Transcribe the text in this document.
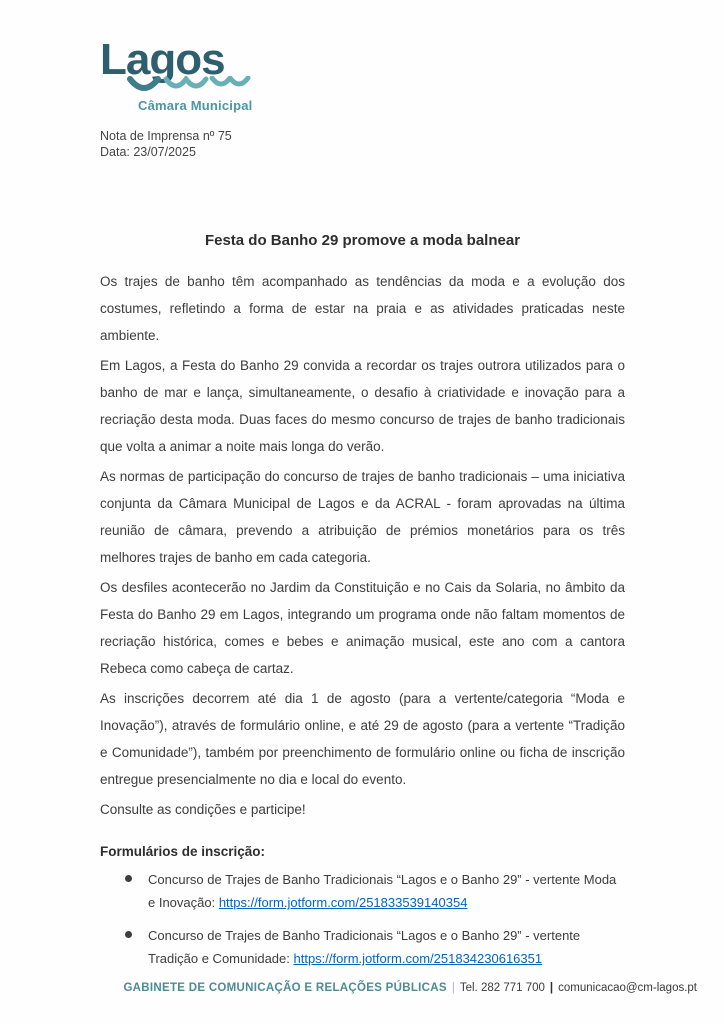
Lagos
Câmara Municipal
Nota de Imprensa nº 75
Data: 23/07/2025
Festa do Banho 29 promove a moda balnear

Os trajes de banho têm acompanhado as tendências da moda e a evolução dos costumes, refletindo a forma de estar na praia e as atividades praticadas neste ambiente.

Em Lagos, a Festa do Banho 29 convida a recordar os trajes outrora utilizados para o banho de mar e lança, simultaneamente, o desafio à criatividade e inovação para a recriação desta moda. Duas faces do mesmo concurso de trajes de banho tradicionais que volta a animar a noite mais longa do verão.

As normas de participação do concurso de trajes de banho tradicionais – uma iniciativa conjunta da Câmara Municipal de Lagos e da ACRAL - foram aprovadas na última reunião de câmara, prevendo a atribuição de prémios monetários para os três melhores trajes de banho em cada categoria.

Os desfiles acontecerão no Jardim da Constituição e no Cais da Solaria, no âmbito da Festa do Banho 29 em Lagos, integrando um programa onde não faltam momentos de recriação histórica, comes e bebes e animação musical, este ano com a cantora Rebeca como cabeça de cartaz.

As inscrições decorrem até dia 1 de agosto (para a vertente/categoria “Moda e Inovação”), através de formulário online, e até 29 de agosto (para a vertente “Tradição e Comunidade”), também por preenchimento de formulário online ou ficha de inscrição entregue presencialmente no dia e local do evento.

Consulte as condições e participe!

Formulários de inscrição:
Concurso de Trajes de Banho Tradicionais “Lagos e o Banho 29” - vertente Moda e Inovação: https://form.jotform.com/251833539140354
Concurso de Trajes de Banho Tradicionais “Lagos e o Banho 29” - vertente Tradição e Comunidade: https://form.jotform.com/251834230616351
GABINETE DE COMUNICAÇÃO E RELAÇÕES PÚBLICAS | Tel. 282 771 700 | comunicacao@cm-lagos.pt
